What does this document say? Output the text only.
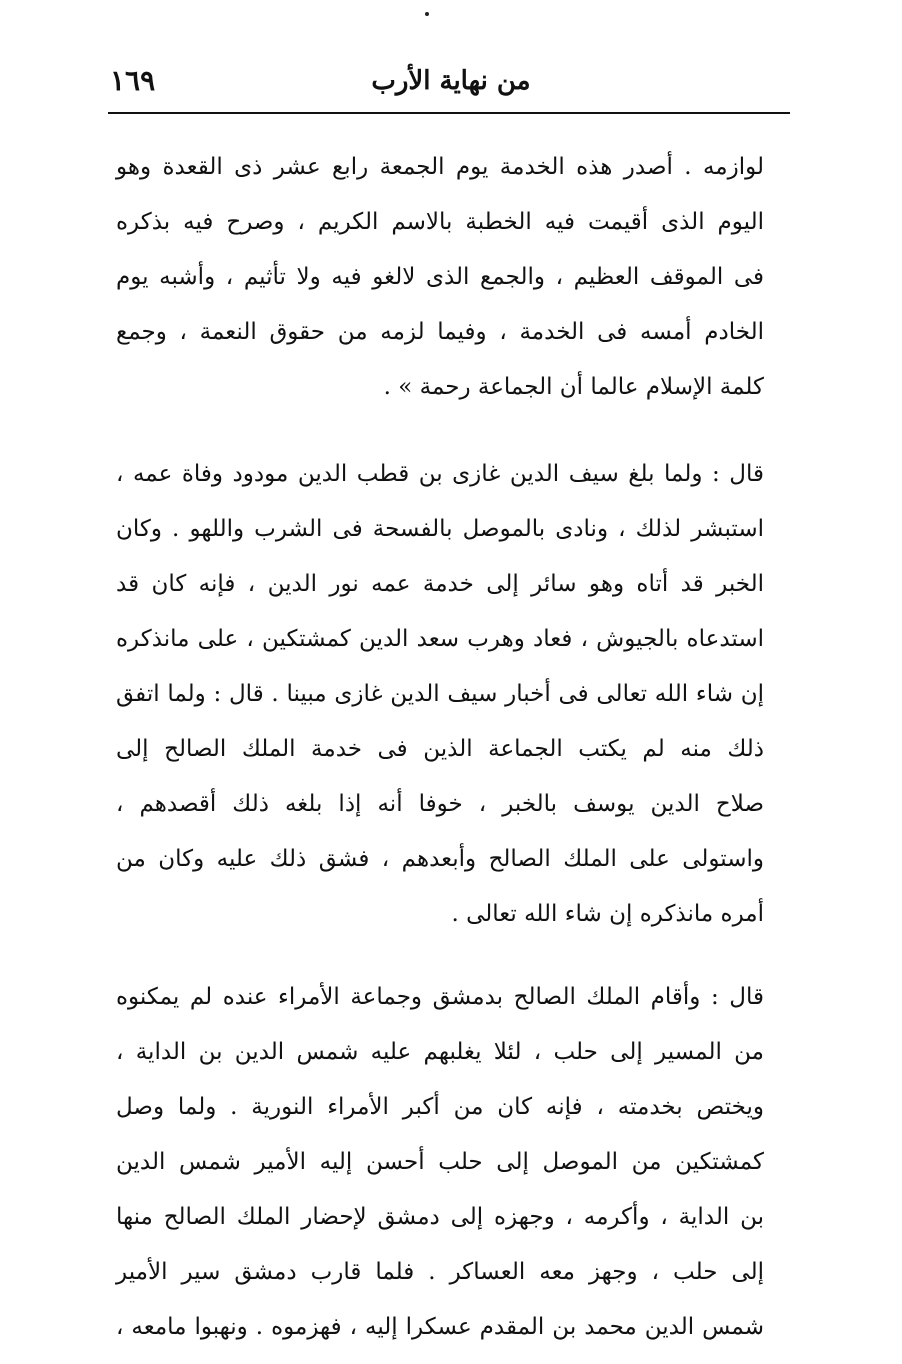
من نهاية الأرب
١٦٩
لوازمه . أصدر هذه الخدمة يوم الجمعة رابع عشر ذى القعدة وهو
اليوم الذى أقيمت فيه الخطبة بالاسم الكريم ، وصرح فيه بذكره
فى الموقف العظيم ، والجمع الذى لالغو فيه ولا تأثيم ، وأشبه يوم
الخادم أمسه فى الخدمة ، وفيما لزمه من حقوق النعمة ، وجمع
كلمة الإسلام عالما أن الجماعة رحمة » .
قال : ولما بلغ سيف الدين غازى بن قطب الدين مودود وفاة عمه ،
استبشر لذلك ، ونادى بالموصل بالفسحة فى الشرب واللهو . وكان
الخبر قد أتاه وهو سائر إلى خدمة عمه نور الدين ، فإنه كان قد
استدعاه بالجيوش ، فعاد وهرب سعد الدين كمشتكين ، على مانذكره
إن شاء الله تعالى فى أخبار سيف الدين غازى مبينا . قال : ولما اتفق
ذلك منه لم يكتب الجماعة الذين فى خدمة الملك الصالح إلى
صلاح الدين يوسف بالخبر ، خوفا أنه إذا بلغه ذلك أقصدهم ،
واستولى على الملك الصالح وأبعدهم ، فشق ذلك عليه وكان من
أمره مانذكره إن شاء الله تعالى .
قال : وأقام الملك الصالح بدمشق وجماعة الأمراء عنده لم يمكنوه
من المسير إلى حلب ، لئلا يغلبهم عليه شمس الدين بن الداية ،
ويختص بخدمته ، فإنه كان من أكبر الأمراء النورية . ولما وصل
كمشتكين من الموصل إلى حلب أحسن إليه الأمير شمس الدين
بن الداية ، وأكرمه ، وجهزه إلى دمشق لإحضار الملك الصالح منها
إلى حلب ، وجهز معه العساكر . فلما قارب دمشق سير الأمير
شمس الدين محمد بن المقدم عسكرا إليه ، فهزموه . ونهبوا مامعه ،
